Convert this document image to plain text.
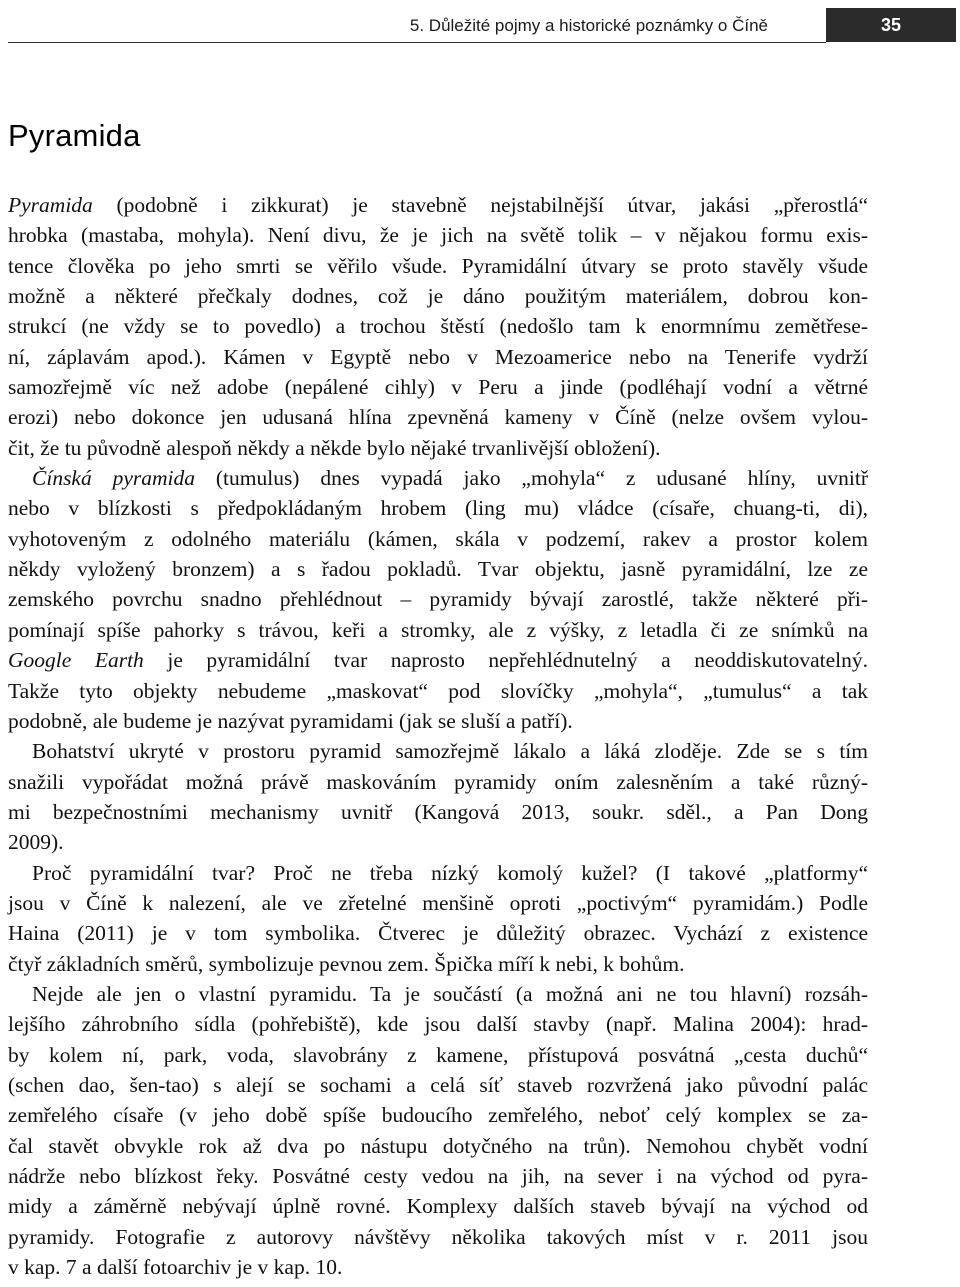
5. Důležité pojmy a historické poznámky o Číně	35
Pyramida

Pyramida (podobně i zikkurat) je stavebně nejstabilnější útvar, jakási „přerostlá“
hrobka (mastaba, mohyla). Není divu, že je jich na světě tolik – v nějakou formu exis-
tence člověka po jeho smrti se věřilo všude. Pyramidální útvary se proto stavěly všude
možně a některé přečkaly dodnes, což je dáno použitým materiálem, dobrou kon-
strukcí (ne vždy se to povedlo) a trochou štěstí (nedošlo tam k enormnímu zemětřese-
ní, záplavám apod.). Kámen v Egyptě nebo v Mezoamerice nebo na Tenerife vydrží
samozřejmě víc než adobe (nepálené cihly) v Peru a jinde (podléhají vodní a větrné
erozi) nebo dokonce jen udusaná hlína zpevněná kameny v Číně (nelze ovšem vylou-
čit, že tu původně alespoň někdy a někde bylo nějaké trvanlivější obložení).

Čínská pyramida (tumulus) dnes vypadá jako „mohyla“ z udusané hlíny, uvnitř
nebo v blízkosti s předpokládaným hrobem (ling mu) vládce (císaře, chuang-ti, di),
vyhotoveným z odolného materiálu (kámen, skála v podzemí, rakev a prostor kolem
někdy vyložený bronzem) a s řadou pokladů. Tvar objektu, jasně pyramidální, lze ze
zemského povrchu snadno přehlédnout – pyramidy bývají zarostlé, takže některé při-
pomínají spíše pahorky s trávou, keři a stromky, ale z výšky, z letadla či ze snímků na
Google Earth je pyramidální tvar naprosto nepřehlédnutelný a neoddiskutovatelný.
Takže tyto objekty nebudeme „maskovat“ pod slovíčky „mohyla“, „tumulus“ a tak
podobně, ale budeme je nazývat pyramidami (jak se sluší a patří).

Bohatství ukryté v prostoru pyramid samozřejmě lákalo a láká zloděje. Zde se s tím
snažili vypořádat možná právě maskováním pyramidy oním zalesněním a také různý-
mi bezpečnostními mechanismy uvnitř (Kangová 2013, soukr. sděl., a Pan Dong
2009).

Proč pyramidální tvar? Proč ne třeba nízký komolý kužel? (I takové „platformy“
jsou v Číně k nalezení, ale ve zřetelné menšině oproti „poctivým“ pyramidám.) Podle
Haina (2011) je v tom symbolika. Čtverec je důležitý obrazec. Vychází z existence
čtyř základních směrů, symbolizuje pevnou zem. Špička míří k nebi, k bohům.

Nejde ale jen o vlastní pyramidu. Ta je součástí (a možná ani ne tou hlavní) rozsáh-
lejšího záhrobního sídla (pohřebiště), kde jsou další stavby (např. Malina 2004): hrad-
by kolem ní, park, voda, slavobrány z kamene, přístupová posvátná „cesta duchů“
(schen dao, šen-tao) s alejí se sochami a celá síť staveb rozvržená jako původní palác
zemřelého císaře (v jeho době spíše budoucího zemřelého, neboť celý komplex se za-
čal stavět obvykle rok až dva po nástupu dotyčného na trůn). Nemohou chybět vodní
nádrže nebo blízkost řeky. Posvátné cesty vedou na jih, na sever i na východ od pyra-
midy a záměrně nebývají úplně rovné. Komplexy dalších staveb bývají na východ od
pyramidy. Fotografie z autorovy návštěvy několika takových míst v r. 2011 jsou
v kap. 7 a další fotoarchiv je v kap. 10.
